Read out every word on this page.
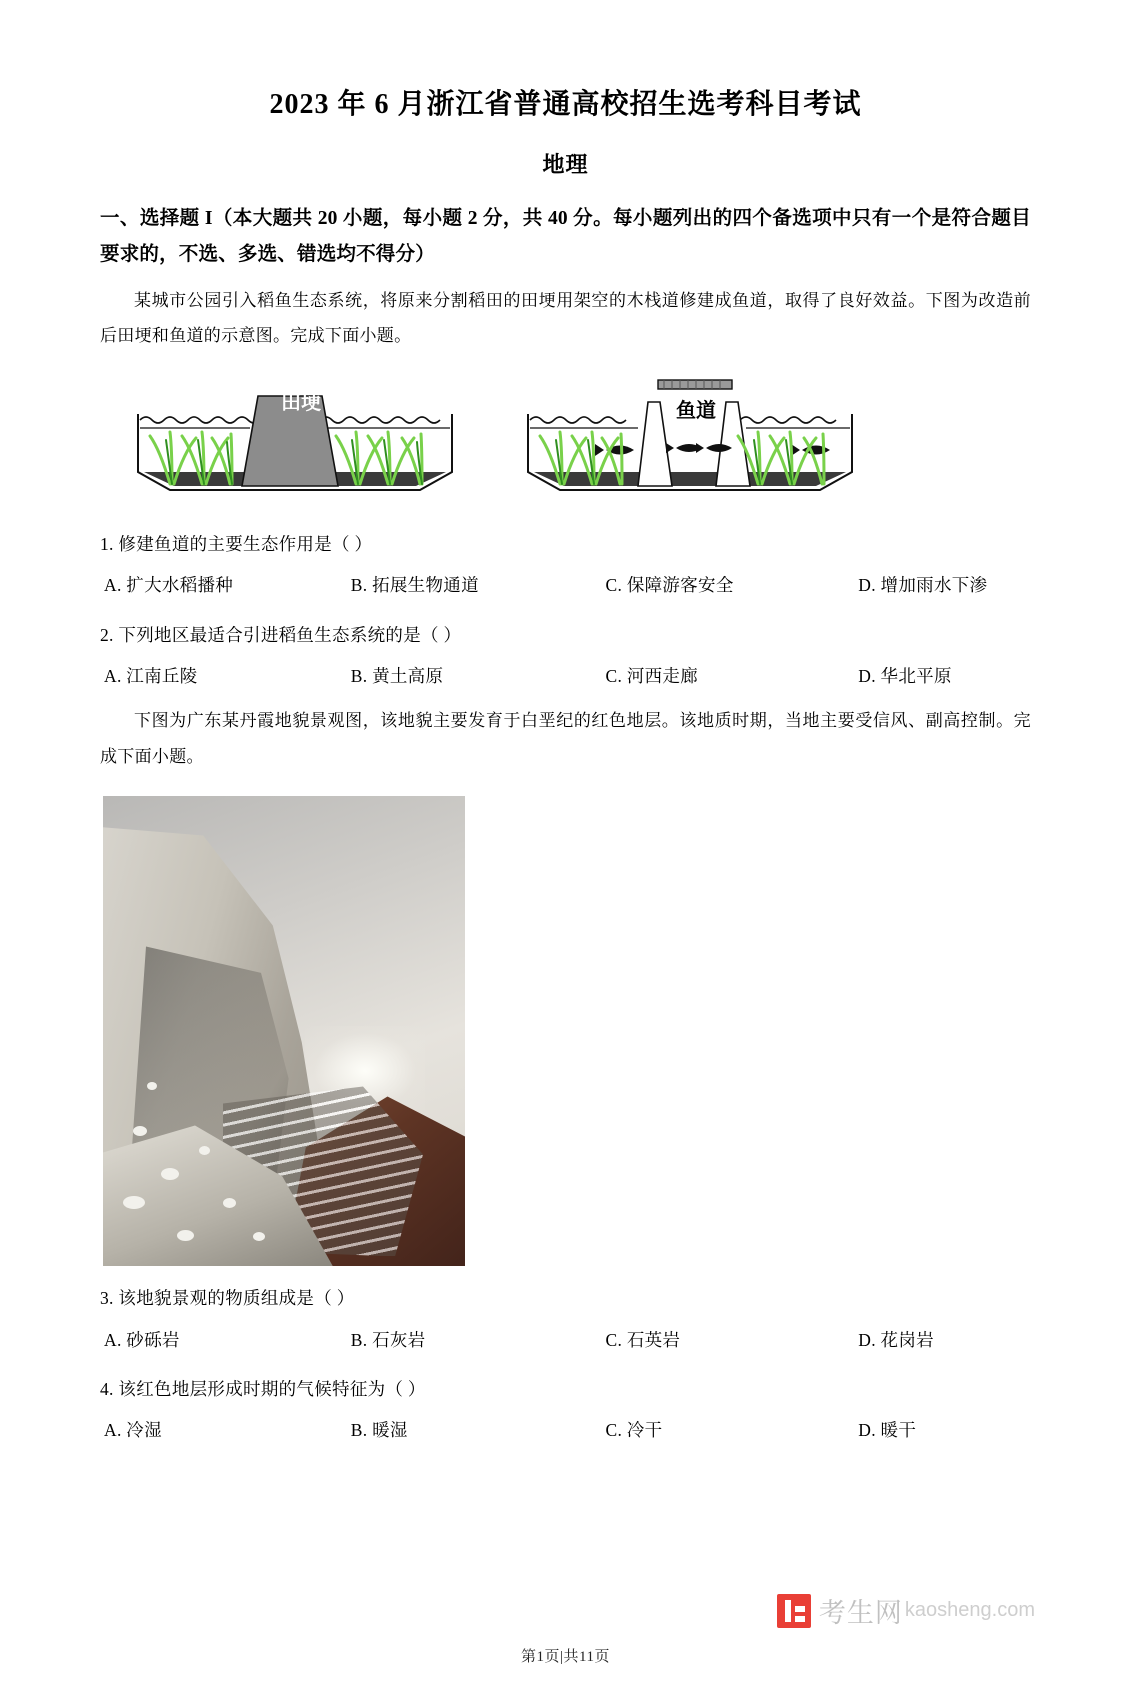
2023 年 6 月浙江省普通高校招生选考科目考试
地理
一、选择题 I（本大题共 20 小题，每小题 2 分，共 40 分。每小题列出的四个备选项中只有一个是符合题目要求的，不选、多选、错选均不得分）
某城市公园引入稻鱼生态系统，将原来分割稻田的田埂用架空的木栈道修建成鱼道，取得了良好效益。下图为改造前后田埂和鱼道的示意图。完成下面小题。
田埂	鱼道
1. 修建鱼道的主要生态作用是（ ）
A. 扩大水稻播种	B. 拓展生物通道	C. 保障游客安全	D. 增加雨水下渗
2. 下列地区最适合引进稻鱼生态系统的是（ ）
A. 江南丘陵	B. 黄土高原	C. 河西走廊	D. 华北平原
下图为广东某丹霞地貌景观图，该地貌主要发育于白垩纪的红色地层。该地质时期，当地主要受信风、副高控制。完成下面小题。
3. 该地貌景观的物质组成是（ ）
A. 砂砾岩	B. 石灰岩	C. 石英岩	D. 花岗岩
4. 该红色地层形成时期的气候特征为（ ）
A. 冷湿	B. 暖湿	C. 冷干	D. 暖干
考生网 kaosheng.com
第1页|共11页
